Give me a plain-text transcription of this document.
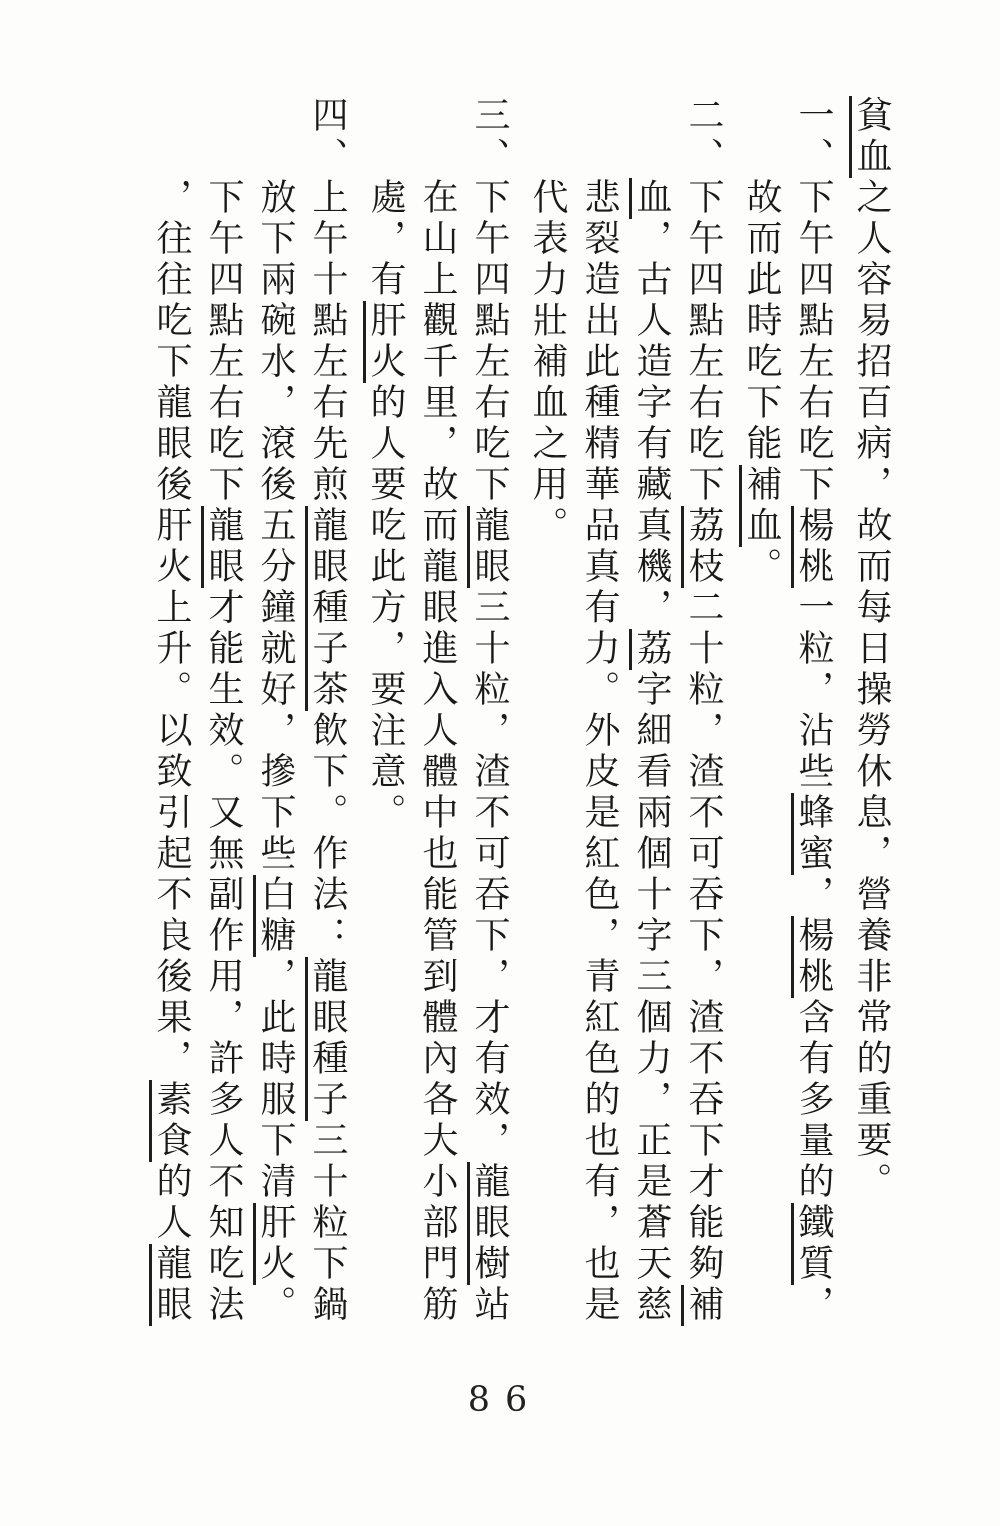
貧血之人容易招百病，故而每日操勞休息，營養非常的重要。
一、下午四點左右吃下楊桃一粒，沾些蜂蜜，楊桃含有多量的鐵質，
故而此時吃下能補血。
二、下午四點左右吃下荔枝二十粒，渣不可吞下，渣不吞下才能夠補
血，古人造字有藏真機，荔字細看兩個十字三個力，正是蒼天慈
悲裂造出此種精華品真有力。外皮是紅色，青紅色的也有，也是
代表力壯補血之用。
三、下午四點左右吃下龍眼三十粒，渣不可吞下，才有效，龍眼樹站
在山上觀千里，故而龍眼進入人體中也能管到體內各大小部門筋
處，有肝火的人要吃此方，要注意。
四、上午十點左右先煎龍眼種子茶飲下。作法：龍眼種子三十粒下鍋
放下兩碗水，滾後五分鐘就好，摻下些白糖，此時服下清肝火。
下午四點左右吃下龍眼才能生效。又無副作用，許多人不知吃法
，往往吃下龍眼後肝火上升。以致引起不良後果，素食的人龍眼
86
